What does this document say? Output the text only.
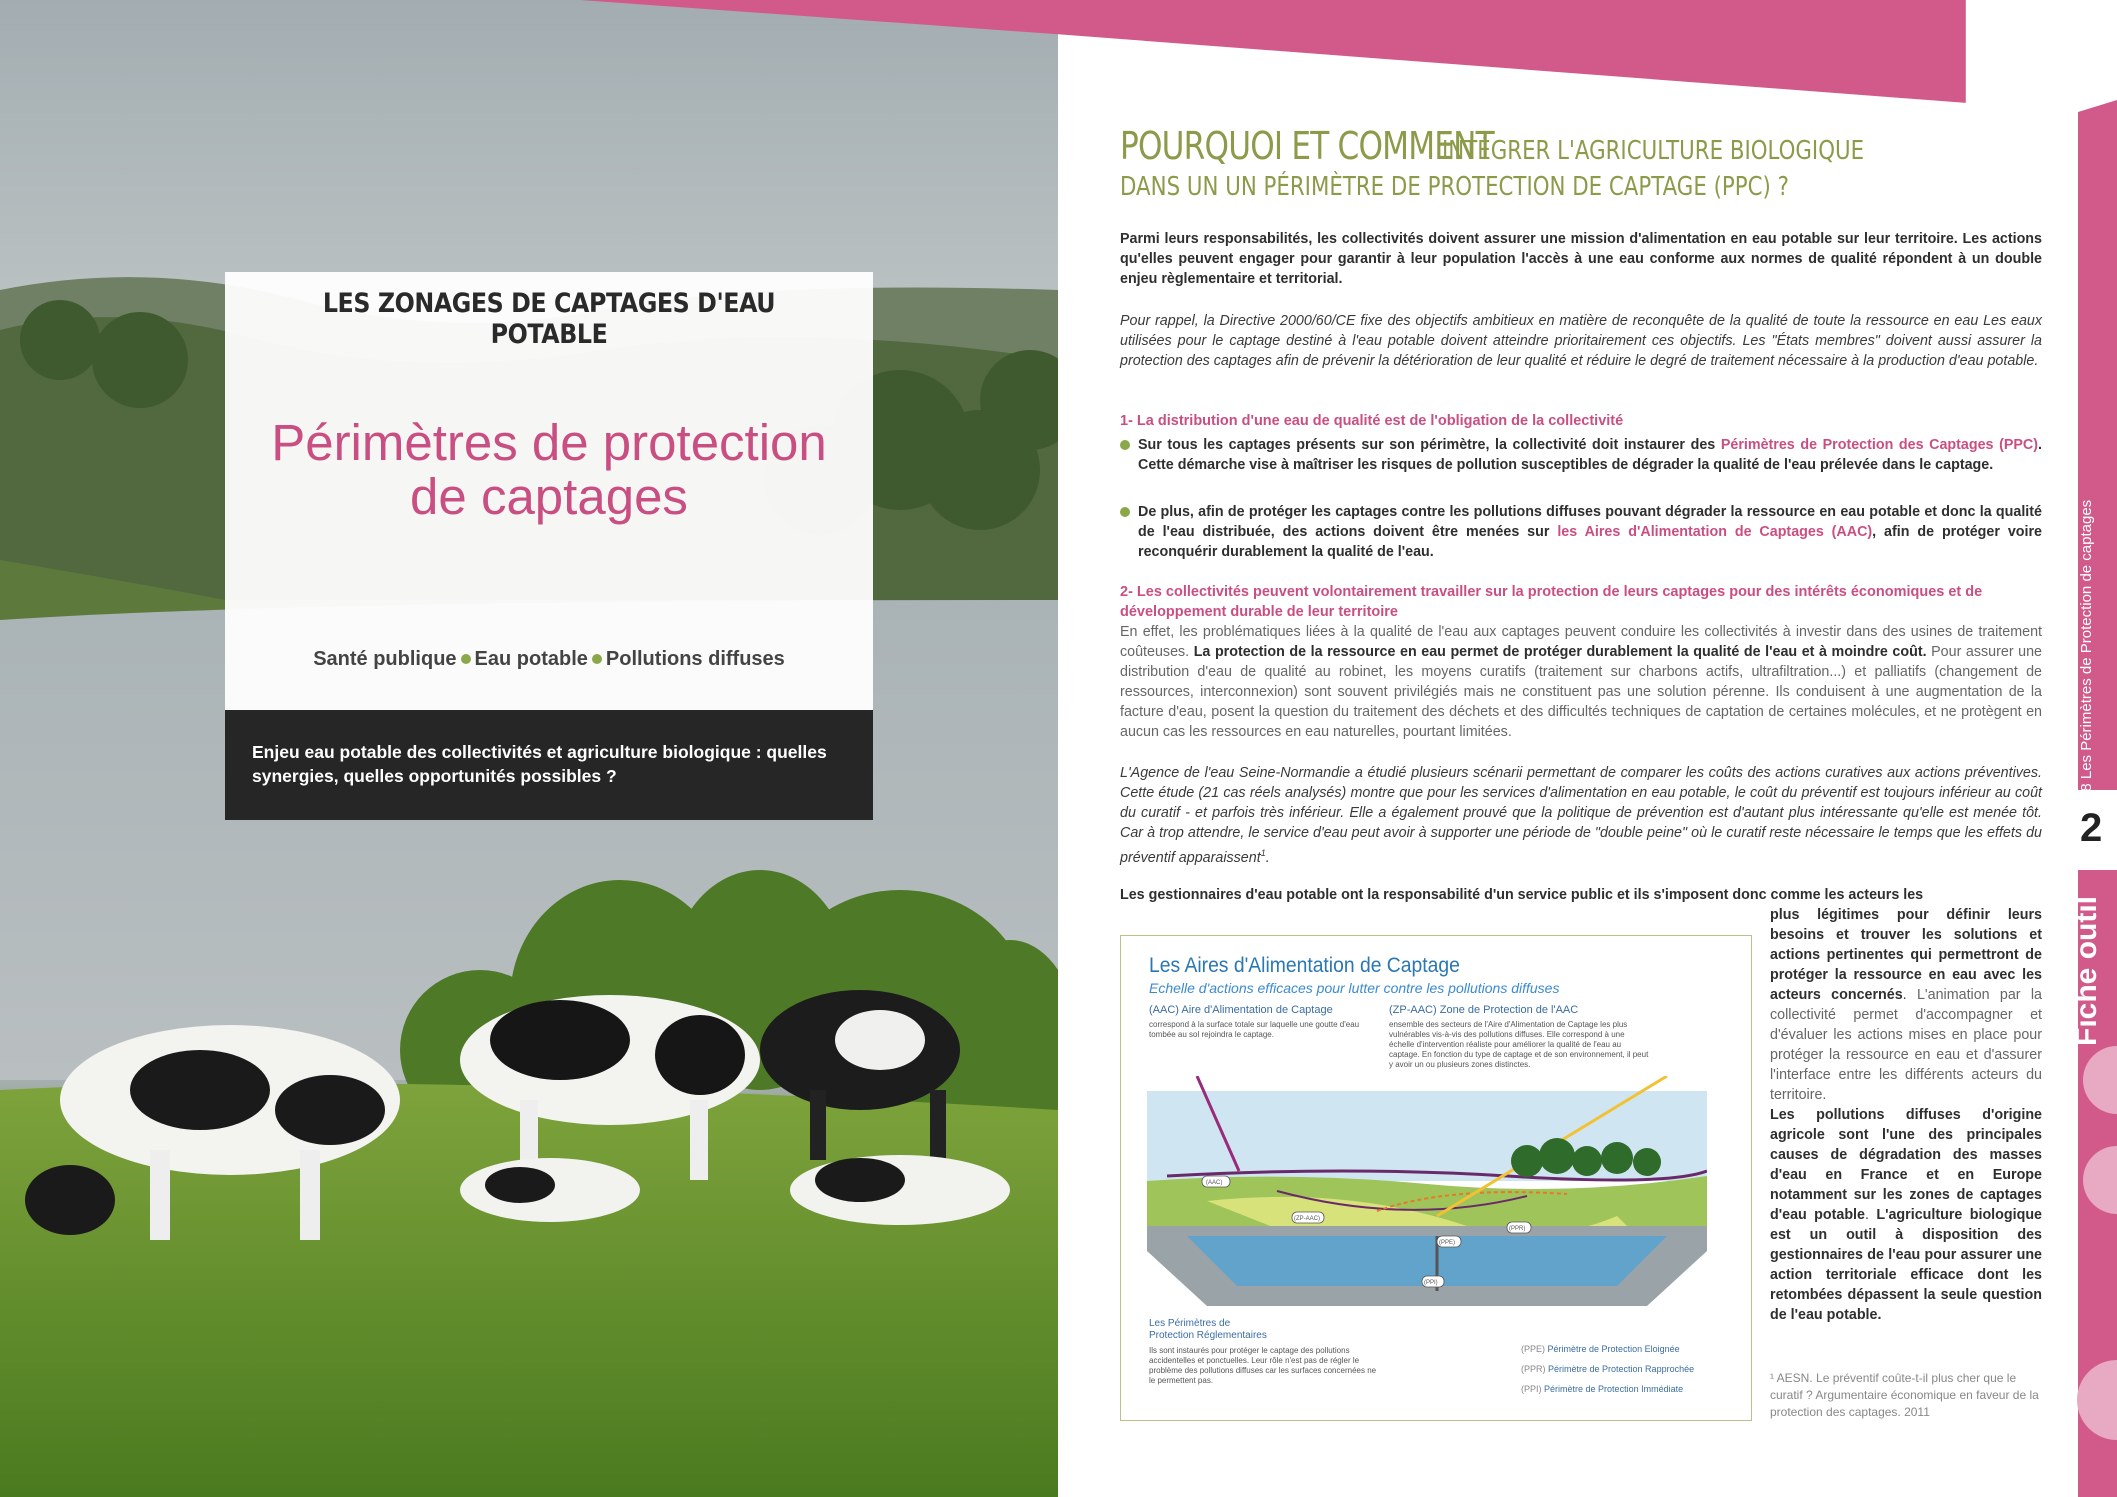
LES ZONAGES DE CAPTAGES D'EAU POTABLE
Périmètres de protection
de captages
Santé publique Eau potable Pollutions diffuses

Enjeu eau potable des collectivités et agriculture biologique : quelles synergies, quelles opportunités possibles ?

POURQUOI ET COMMENT
INTÉGRER L'AGRICULTURE BIOLOGIQUE
DANS UN UN PÉRIMÈTRE DE PROTECTION DE CAPTAGE (PPC) ?

Parmi leurs responsabilités, les collectivités doivent assurer une mission d'alimentation en eau potable sur leur territoire. Les actions qu'elles peuvent engager pour garantir à leur population l'accès à une eau conforme aux normes de qualité répondent à un double enjeu règlementaire et territorial.

Pour rappel, la Directive 2000/60/CE fixe des objectifs ambitieux en matière de reconquête de la qualité de toute la ressource en eau Les eaux utilisées pour le captage destiné à l'eau potable doivent atteindre prioritairement ces objectifs. Les "États membres" doivent aussi assurer la protection des captages afin de prévenir la détérioration de leur qualité et réduire le degré de traitement nécessaire à la production d'eau potable.

1- La distribution d'une eau de qualité est de l'obligation de la collectivité
Sur tous les captages présents sur son périmètre, la collectivité doit instaurer des Périmètres de Protection des Captages (PPC). Cette démarche vise à maîtriser les risques de pollution susceptibles de dégrader la qualité de l'eau prélevée dans le captage.
De plus, afin de protéger les captages contre les pollutions diffuses pouvant dégrader la ressource en eau potable et donc la qualité de l'eau distribuée, des actions doivent être menées sur les Aires d'Alimentation de Captages (AAC), afin de protéger voire reconquérir durablement la qualité de l'eau.
2- Les collectivités peuvent volontairement travailler sur la protection de leurs captages pour des intérêts économiques et de développement durable de leur territoire

En effet, les problématiques liées à la qualité de l'eau aux captages peuvent conduire les collectivités à investir dans des usines de traitement coûteuses. La protection de la ressource en eau permet de protéger durablement la qualité de l'eau et à moindre coût. Pour assurer une distribution d'eau de qualité au robinet, les moyens curatifs (traitement sur charbons actifs, ultrafiltration...) et palliatifs (changement de ressources, interconnexion) sont souvent privilégiés mais ne constituent pas une solution pérenne. Ils conduisent à une augmentation de la facture d'eau, posent la question du traitement des déchets et des difficultés techniques de captation de certaines molécules, et ne protègent en aucun cas les ressources en eau naturelles, pourtant limitées.

L'Agence de l'eau Seine-Normandie a étudié plusieurs scénarii permettant de comparer les coûts des actions curatives aux actions préventives. Cette étude (21 cas réels analysés) montre que pour les services d'alimentation en eau potable, le coût du préventif est toujours inférieur au coût du curatif - et parfois très inférieur. Elle a également prouvé que la politique de prévention est d'autant plus intéressante qu'elle est menée tôt. Car à trop attendre, le service d'eau peut avoir à supporter une période de "double peine" où le curatif reste nécessaire le temps que les effets du préventif apparaissent$^1$.

Les gestionnaires d'eau potable ont la responsabilité d'un service public et ils s'imposent donc comme les acteurs les

plus légitimes pour définir leurs besoins et trouver les solutions et actions pertinentes qui permettront de protéger la ressource en eau avec les acteurs concernés. L'animation par la collectivité permet d'accompagner et d'évaluer les actions mises en place pour protéger la ressource en eau et d'assurer l'interface entre les différents acteurs du territoire.
Les pollutions diffuses d'origine agricole sont l'une des principales causes de dégradation des masses d'eau en France et en Europe notamment sur les zones de captages d'eau potable. L'agriculture biologique est un outil à disposition des gestionnaires de l'eau pour assurer une action territoriale efficace dont les retombées dépassent la seule question de l'eau potable.

¹ AESN. Le préventif coûte-t-il plus cher que le curatif ? Argumentaire économique en faveur de la protection des captages. 2011

Les Aires d'Alimentation de Captage
Echelle d'actions efficaces pour lutter contre les pollutions diffuses
(AAC) Aire d'Alimentation de Captage	(ZP-AAC) Zone de Protection de l'AAC
correspond à la surface totale sur laquelle une goutte d'eau tombée au sol rejoindra le captage.
ensemble des secteurs de l'Aire d'Alimentation de Captage les plus vulnérables vis-à-vis des pollutions diffuses. Elle correspond à une échelle d'intervention réaliste pour améliorer la qualité de l'eau au captage. En fonction du type de captage et de son environnement, il peut y avoir un ou plusieurs zones distinctes.
(AAC)
(ZP-AAC)
(PPE)
(PPR)
(PPI)
Les Périmètres de Protection Réglementaires
Ils sont instaurés pour protéger le captage des pollutions accidentelles et ponctuelles. Leur rôle n'est pas de régler le problème des pollutions diffuses car les surfaces concernées ne le permettent pas.
(PPE) Périmètre de Protection Eloignée
(PPR) Périmètre de Protection Rapprochée
(PPI) Périmètre de Protection Immédiate
#8 Les Périmètres de Protection de captages
2
Fiche outil
